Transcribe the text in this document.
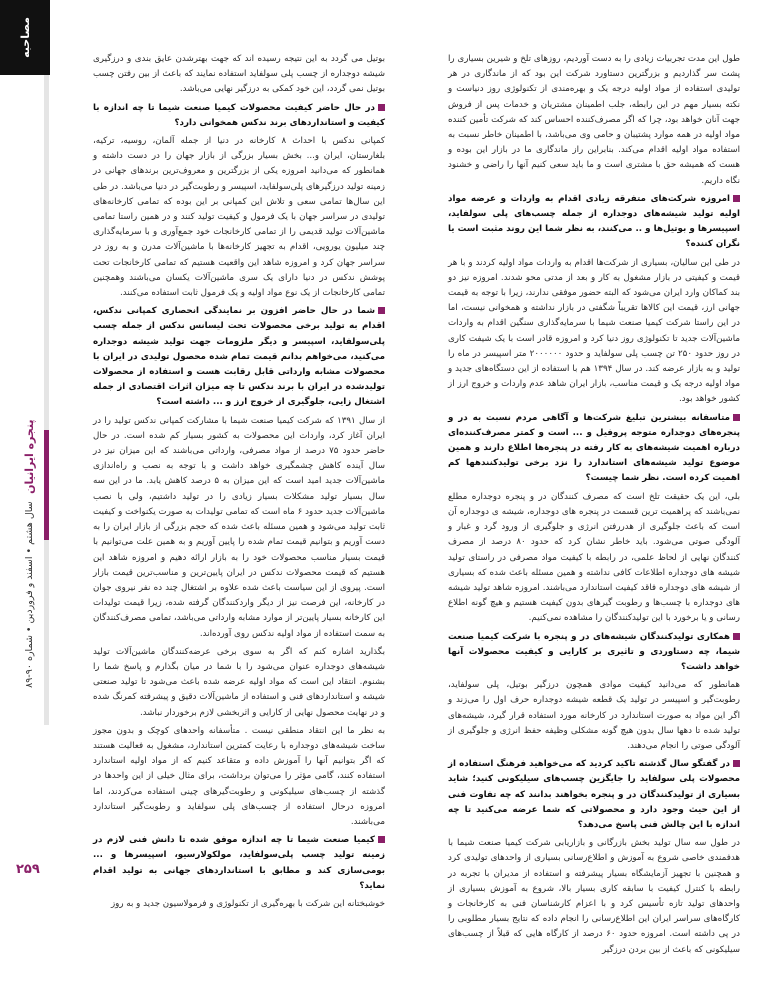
مصاحبه
پنجره ایرانیان سال هشتم • اسفند و فروردین • شماره ۹۰-۸۹
۲۵۹

طول این مدت تجربیات زیادی را به دست آوردیم، روزهای تلخ و شیرین بسیاری را پشت سر گذاردیم و بزرگترین دستاورد شرکت این بود که از ماندگاری در هر تولیدی استفاده از مواد اولیه درجه یک و بهره‌مندی از تکنولوژی روز دنیاست و نکته بسیار مهم در این رابطه، جلب اطمینان مشتریان و خدمات پس از فروش جهت آنان خواهد بود، چرا که اگر مصرف‌کننده احساس کند که شرکت تأمین کننده مواد اولیه در همه موارد پشتیبان و حامی وی می‌باشد، با اطمینان خاطر نسبت به استفاده مواد اولیه اقدام می‌کند. بنابراین راز ماندگاری ما در بازار این بوده و هست که همیشه حق با مشتری است و ما باید سعی کنیم آنها را راضی و خشنود نگاه داریم.

امروزه شرکت‌های متفرقه زیادی اقدام به واردات و عرضه مواد اولیه تولید شیشه‌های دوجداره از جمله چسب‌های پلی سولفاید، اسپیسرها و بوتیل‌ها و .. می‌کنند، به نظر شما این روند مثبت است یا نگران کننده؟

در طی این سالیان، بسیاری از شرکت‌ها اقدام به واردات مواد اولیه کردند و با هر قیمت و کیفیتی در بازار مشغول به کار و بعد از مدتی محو شدند. امروزه نیز دو بند کماکان وارد ایران می‌شود که البته حضور موفقی ندارند، زیرا با توجه به قیمت جهانی ارز، قیمت این کالاها تقریباً شگفتی در بازار نداشته و همخوانی نیست، اما در این راستا شرکت کیمیا صنعت شیما با سرمایه‌گذاری سنگین اقدام به واردات ماشین‌آلات جدید تا تکنولوژی روز دنیا کرد و امروزه قادر است با یک شیفت کاری در روز حدود ۲۵۰ تن چسب پلی سولفاید و حدود ۲۰۰۰۰۰۰ متر اسپیسر در ماه را تولید و به بازار عرضه کند. در سال ۱۳۹۴ هم با استفاده از این دستگاه‌های جدید و مواد اولیه درجه یک و قیمت مناسب، بازار ایران شاهد عدم واردات و خروج ارز از کشور خواهد بود.

متاسفانه بیشترین تبلیغ شرکت‌ها و آگاهی مردم نسبت به در و پنجره‌های دوجداره متوجه پروفیل و ... است و کمتر مصرف‌کننده‌ای درباره اهمیت شیشه‌های به کار رفته در پنجره‌ها اطلاع دارند و همین موضوع تولید شیشه‌های استاندارد را نزد برخی تولیدکنندهها کم اهمیت کرده است. نظر شما چیست؟

بلی، این یک حقیقت تلخ است که مصرف کنندگان در و پنجره دوجداره مطلع نمی‌باشند که پراهمیت ترین قسمت در پنجره های دوجداره، شیشه ی دوجداره آن است که باعث جلوگیری از هدررفتن انرژی و جلوگیری از ورود گرد و غبار و آلودگی صوتی می‌شود. باید خاطر نشان کرد که حدود ۸۰ درصد از مصرف کنندگان نهایی از لحاظ علمی، در رابطه با کیفیت مواد مصرفی در راستای تولید شیشه های دوجداره اطلاعات کافی نداشته و همین مسئله باعث شده که بسیاری از شیشه های دوجداره فاقد کیفیت استاندارد می‌باشند. امروزه شاهد تولید شیشه های دوجداره با چسب‌ها و رطوبت گیرهای بدون کیفیت هستیم و هیچ گونه اطلاع رسانی و یا برخورد با این تولیدکنندگان را مشاهده نمی‌کنیم.

همکاری تولیدکنندگان شیشه‌های در و پنجره با شرکت کیمیا صنعت شیما، چه دستاوردی و تاثیری بر کارایی و کیفیت محصولات آنها خواهد داشت؟

همانطور که می‌دانید کیفیت موادی همچون درزگیر بوتیل، پلی سولفاید، رطوبت‌گیر و اسپیسر در تولید یک قطعه شیشه دوجداره حرف اول را می‌زند و اگر این مواد به صورت استاندارد در کارخانه مورد استفاده قرار گیرد، شیشه‌های تولید شده تا دهها سال بدون هیچ گونه مشکلی وظیفه حفظ انرژی و جلوگیری از آلودگی صوتی را انجام می‌دهند.

در گفتگو سال گذشته تاکید کردید که می‌خواهید فرهنگ استفاده از محصولات پلی سولفاید را جایگزین چسب‌های سیلیکونی کنید؛ شاید بسیاری از تولیدکنندگان در و پنجره بخواهند بدانند که چه تفاوت فنی از این حیث وجود دارد و محصولاتی که شما عرضه می‌کنید تا چه اندازه با این چالش فنی پاسخ می‌دهد؟

در طول سه سال تولید بخش بازرگانی و بازاریابی شرکت کیمیا صنعت شیما با هدفمندی خاصی شروع به آموزش و اطلاع‌رسانی بسیاری از واحدهای تولیدی کرد و همچنین با تجهیز آزمایشگاه بسیار پیشرفته و استفاده از مدیران با تجربه در رابطه با کنترل کیفیت با سابقه کاری بسیار بالا، شروع به آموزش بسیاری از واحدهای تولید تازه تأسیس کرد و با اعزام کارشناسان فنی به کارخانجات و کارگاه‌های سراسر ایران این اطلاع‌رسانی را انجام داده که نتایج بسیار مطلوبی را در پی داشته است. امروزه حدود ۶۰ درصد از کارگاه هایی که قبلاً از چسب‌های سیلیکونی که باعث از بین بردن درزگیر

بوتیل می گردد به این نتیجه رسیده اند که جهت بهترشدن عایق بندی و درزگیری شیشه دوجداره از چسب پلی سولفاید استفاده نمایند که باعث از بین رفتن چسب بوتیل نمی گردد، این خود کمکی به درزگیر نهایی می‌باشد.

در حال حاضر کیفیت محصولات کیمیا صنعت شیما تا چه اندازه با کیفیت و استانداردهای برند ندکس همخوانی دارد؟

کمپانی ندکس با احداث ۸ کارخانه در دنیا از جمله آلمان، روسیه، ترکیه، بلغارستان، ایران و... بخش بسیار بزرگی از بازار جهان را در دست داشته و همانطور که می‌دانید امروزه یکی از بزرگترین و معروف‌ترین برندهای جهانی در زمینه تولید درزگیرهای پلی‌سولفاید، اسپیسر و رطوبت‌گیر در دنیا می‌باشد. در طی این سال‌ها تمامی سعی و تلاش این کمپانی بر این بوده که تمامی کارخانه‌های تولیدی در سراسر جهان با یک فرمول و کیفیت تولید کنند و در همین راستا تمامی ماشین‌آلات تولید قدیمی را از تمامی کارخانجات خود جمع‌آوری و با سرمایه‌گذاری چند میلیون یورویی، اقدام به تجهیز کارخانه‌ها با ماشین‌آلات مدرن و به روز در سراسر جهان کرد و امروزه شاهد این واقعیت هستیم که تمامی کارخانجات تحت پوشش ندکس در دنیا دارای یک سری ماشین‌آلات یکسان می‌باشند وهمچنین تمامی کارخانجات از یک نوع مواد اولیه و یک فرمول ثابت استفاده می‌کنند.

شما در حال حاضر افزون بر نمایندگی انحصاری کمپانی ندکس، اقدام به تولید برخی محصولات تحت لیسانس ندکس از جمله چسب پلی‌سولفاید، اسپیسر و دیگر ملزومات جهت تولید شیشه دوجداره می‌کنید، می‌خواهم بدانم قیمت تمام شده محصول تولیدی در ایران با محصولات مشابه وارداتی قابل رقابت هست و استفاده از محصولات تولیدشده در ایران با برند ندکس تا چه میزان اثرات اقتصادی از جمله اشتغال زایی، جلوگیری از خروج ارز و ... داشته است؟

از سال ۱۳۹۱ که شرکت کیمیا صنعت شیما با مشارکت کمپانی ندکس تولید را در ایران آغاز کرد، واردات این محصولات به کشور بسیار کم شده است. در حال حاضر حدود ۷۵ درصد از مواد مصرفی، وارداتی می‌باشند که این میزان نیز در سال آینده کاهش چشمگیری خواهد داشت و با توجه به نصب و راه‌اندازی ماشین‌آلات جدید امید است که این میزان به ۵ درصد کاهش یابد. ما در این سه سال بسیار تولید مشکلات بسیار زیادی را در تولید داشتیم، ولی با نصب ماشین‌آلات جدید حدود ۶ ماه است که تمامی تولیدات به صورت یکنواخت و کیفیت ثابت تولید می‌شود و همین مسئله باعث شده که حجم بزرگی از بازار ایران را به دست آوریم و بتوانیم قیمت تمام شده را پایین آوریم و به همین علت می‌توانیم با قیمت بسیار مناسب محصولات خود را به بازار ارائه دهیم و امروزه شاهد این هستیم که قیمت محصولات ندکس در ایران پایین‌ترین و مناسب‌ترین قیمت بازار است. پیروی از این سیاست باعث شده علاوه بر اشتغال چند ده نفر نیروی جوان در کارخانه، این فرصت نیز از دیگر واردکنندگان گرفته شده، زیرا قیمت تولیدات این کارخانه بسیار پایین‌تر از موارد مشابه وارداتی می‌باشد، تمامی مصرف‌کنندگان به سمت استفاده از مواد اولیه ندکس روی آورده‌اند.

بگذارید اشاره کنم که اگر به سوی برخی عرضه‌کنندگان ماشین‌آلات تولید شیشه‌های دوجداره عنوان می‌شود را با شما در میان بگذارم و پاسخ شما را بشنوم. انتقاد این است که مواد اولیه عرضه شده باعث می‌شود تا تولید صنعتی شیشه و استانداردهای فنی و استفاده از ماشین‌آلات دقیق و پیشرفته کمرنگ شده و در نهایت محصول نهایی از کارایی و اثربخشی لازم برخوردار نباشد.

به نظر ما این انتقاد منطقی نیست . متأسفانه واحدهای کوچک و بدون مجوز ساخت شیشه‌های دوجداره با رعایت کمترین استاندارد، مشغول به فعالیت هستند که اگر بتوانیم آنها را آموزش داده و متقاعد کنیم که از مواد اولیه استاندارد استفاده کنند، گامی مؤثر را می‌توان برداشت، برای مثال خیلی از این واحدها در گذشته از چسب‌های سیلیکونی و رطوبت‌گیرهای چینی استفاده می‌کردند، اما امروزه درحال استفاده از چسب‌های پلی سولفاید و رطوبت‌گیر استاندارد می‌باشند.

کیمیا صنعت شیما تا چه اندازه موفق شده تا دانش فنی لازم در زمینه تولید چسب پلی‌سولفاید، مولکولارسیو، اسپیسرها و ... بومی‌سازی کند و مطابق با استانداردهای جهانی به تولید اقدام نماید؟

خوشبختانه این شرکت با بهره‌گیری از تکنولوژی و فرمولاسیون جدید و به روز
